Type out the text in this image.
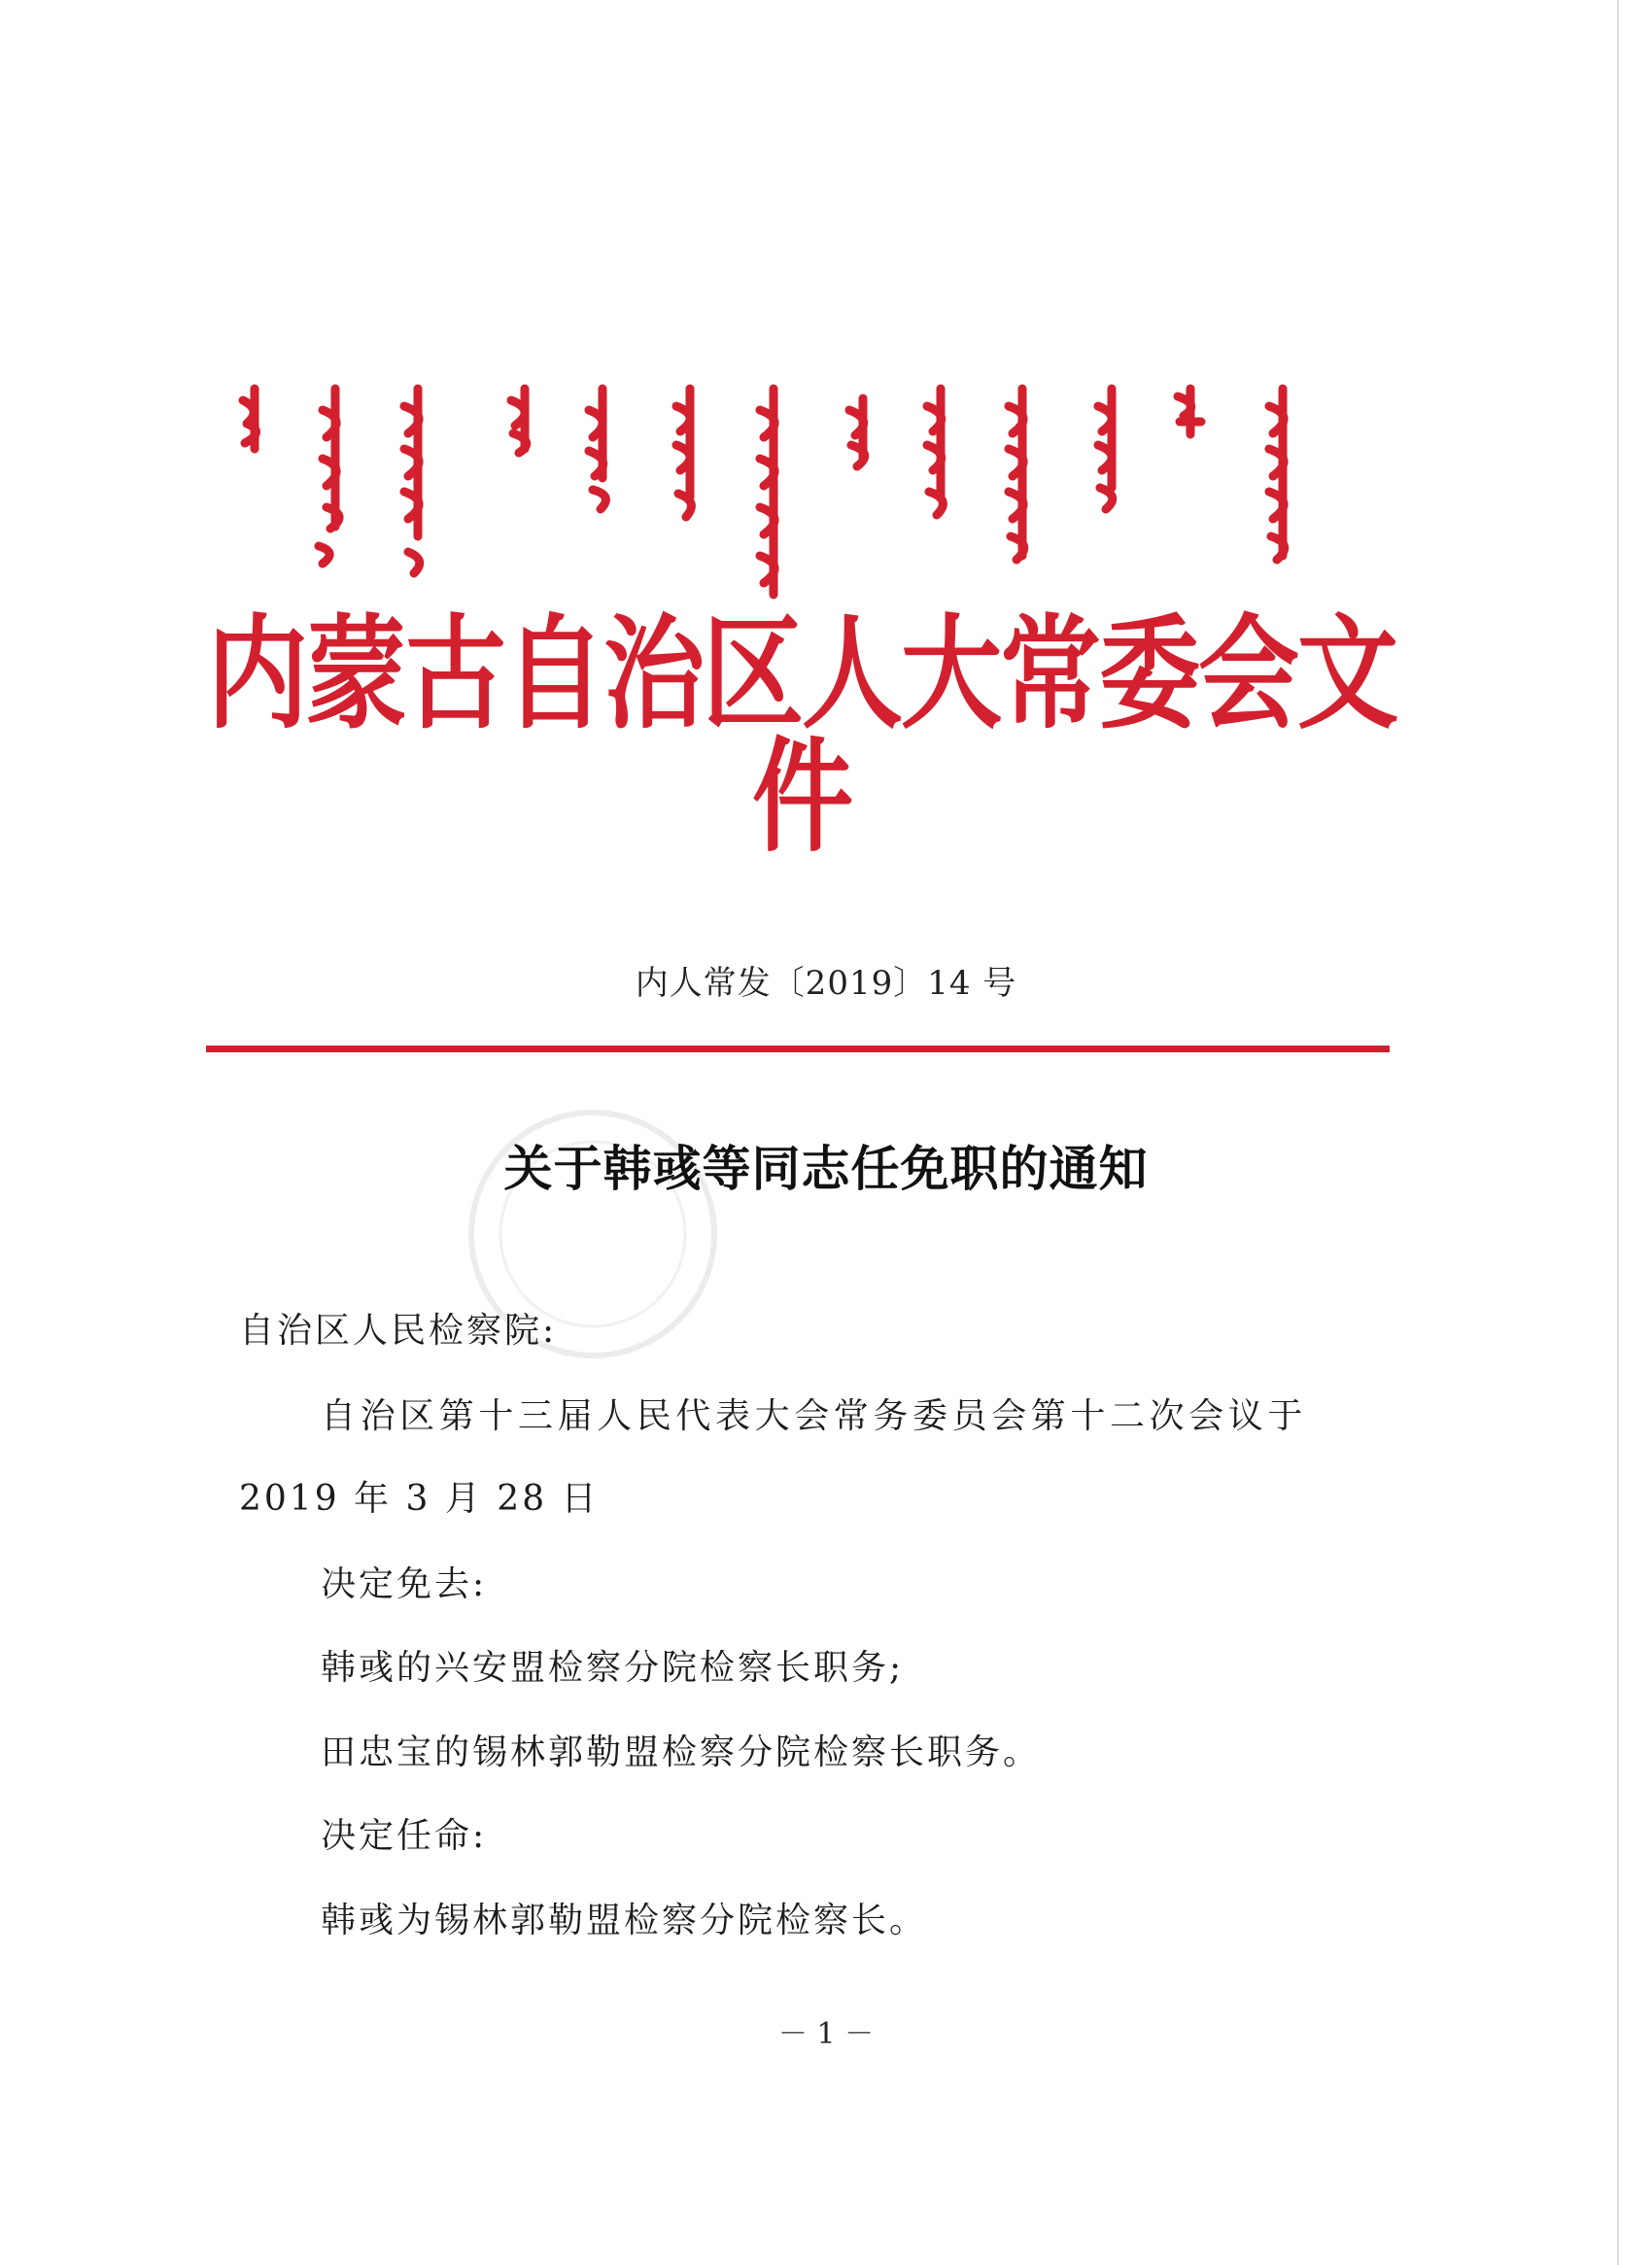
内蒙古自治区人大常委会文件
内人常发〔2019〕14 号
关于韩彧等同志任免职的通知
自治区人民检察院:
自治区第十三届人民代表大会常务委员会第十二次会议于
2019 年 3 月 28 日
决定免去:
韩彧的兴安盟检察分院检察长职务;
田忠宝的锡林郭勒盟检察分院检察长职务。
决定任命:
韩彧为锡林郭勒盟检察分院检察长。
－ 1 －
